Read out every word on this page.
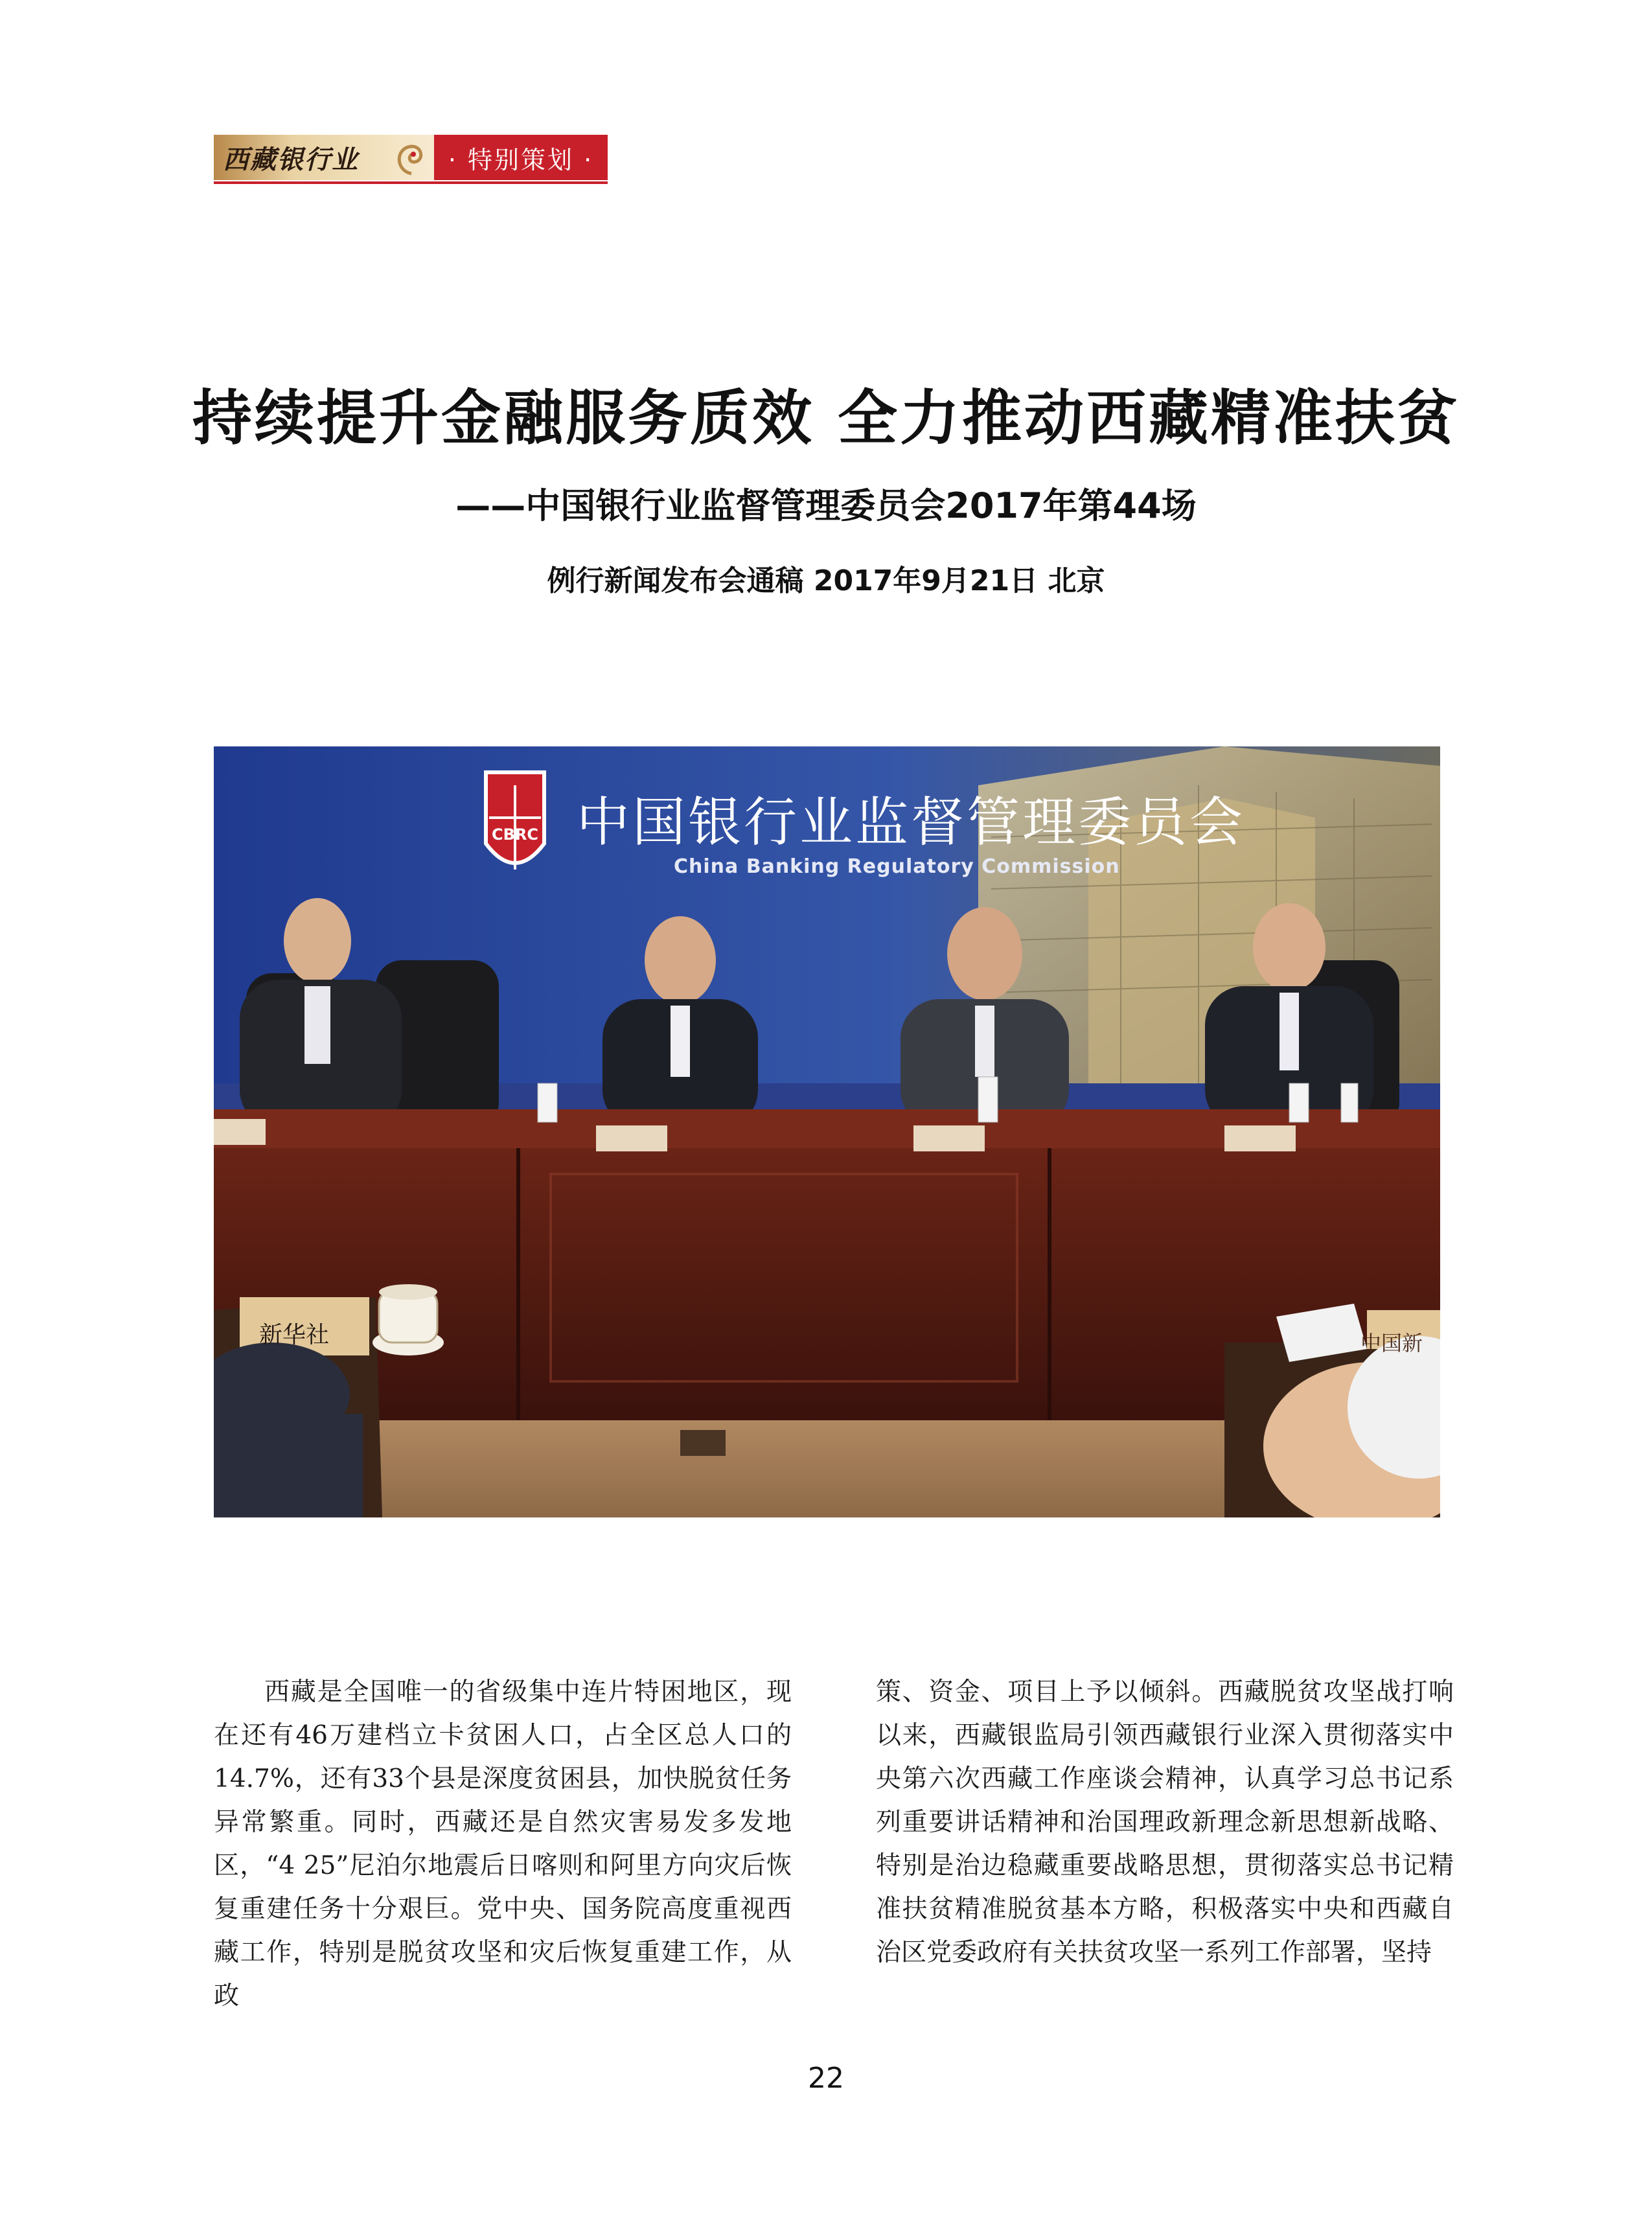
西藏银行业	· 特别策划 ·
持续提升金融服务质效 全力推动西藏精准扶贫
——中国银行业监督管理委员会2017年第44场
例行新闻发布会通稿 2017年9月21日 北京
CBRC 中国银行业监督管理委员会
China Banking Regulatory Commission
新华社	中国新

西藏是全国唯一的省级集中连片特困地区，现在还有46万建档立卡贫困人口，占全区总人口的14.7%，还有33个县是深度贫困县，加快脱贫任务异常繁重。同时，西藏还是自然灾害易发多发地区，“4 25”尼泊尔地震后日喀则和阿里方向灾后恢复重建任务十分艰巨。党中央、国务院高度重视西藏工作，特别是脱贫攻坚和灾后恢复重建工作，从政

策、资金、项目上予以倾斜。西藏脱贫攻坚战打响以来，西藏银监局引领西藏银行业深入贯彻落实中央第六次西藏工作座谈会精神，认真学习总书记系列重要讲话精神和治国理政新理念新思想新战略、特别是治边稳藏重要战略思想，贯彻落实总书记精准扶贫精准脱贫基本方略，积极落实中央和西藏自治区党委政府有关扶贫攻坚一系列工作部署，坚持

22
